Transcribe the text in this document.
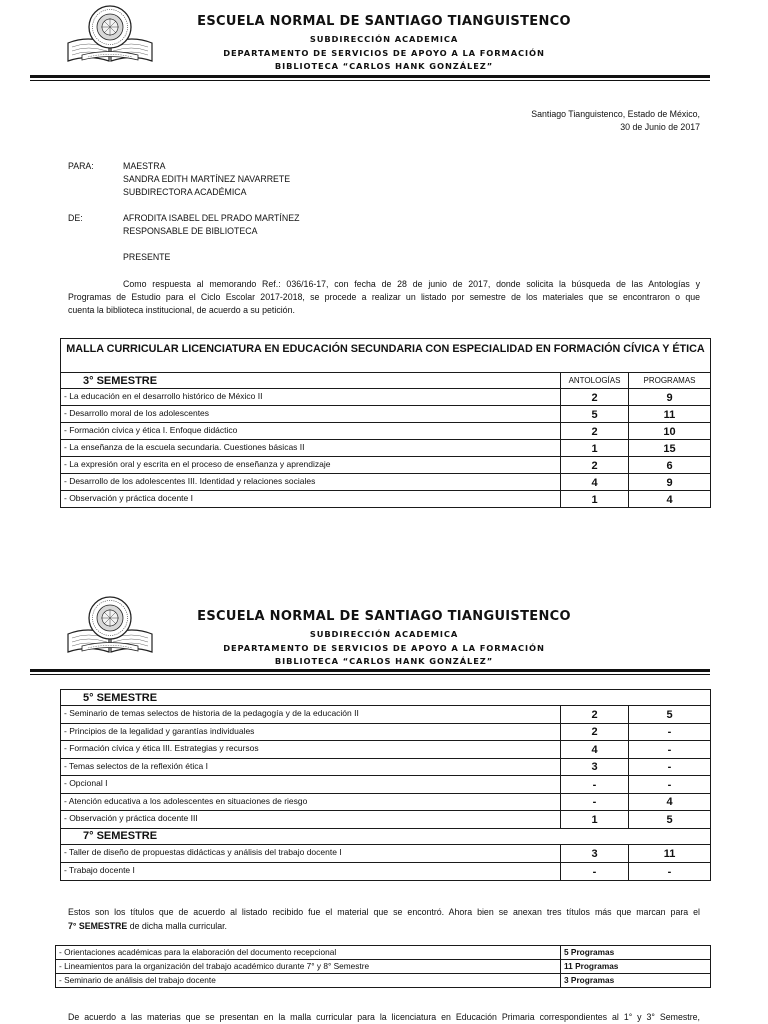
ESCUELA NORMAL DE SANTIAGO TIANGUISTENCO
SUBDIRECCIÓN ACADEMICA
DEPARTAMENTO DE SERVICIOS DE APOYO A LA FORMACIÓN
BIBLIOTECA “CARLOS HANK GONZÁLEZ”
Santiago Tianguistenco, Estado de México,
30 de Junio de 2017
PARA:	MAESTRA
SANDRA EDITH MARTÍNEZ NAVARRETE
SUBDIRECTORA ACADÉMICA
DE:	AFRODITA ISABEL DEL PRADO MARTÍNEZ
RESPONSABLE DE BIBLIOTECA
PRESENTE
Como respuesta al memorando Ref.: 036/16-17, con fecha de 28 de junio de 2017, donde solicita la búsqueda de las Antologías y
Programas de Estudio para el Ciclo Escolar 2017-2018, se procede a realizar un listado por semestre de los materiales que se encontraron o que
cuenta la biblioteca institucional, de acuerdo a su petición.
MALLA CURRICULAR LICENCIATURA EN EDUCACIÓN SECUNDARIA CON ESPECIALIDAD EN FORMACIÓN CÍVICA Y ÉTICA		
3° SEMESTRE	ANTOLOGÍAS	PROGRAMAS
- La educación en el desarrollo histórico de México II	2	9
- Desarrollo moral de los adolescentes	5	11
- Formación cívica y ética I. Enfoque didáctico	2	10
- La enseñanza de la escuela secundaria. Cuestiones básicas II	1	15
- La expresión oral y escrita en el proceso de enseñanza y aprendizaje	2	6
- Desarrollo de los adolescentes III. Identidad y relaciones sociales	4	9
- Observación y práctica docente I	1	4
ESCUELA NORMAL DE SANTIAGO TIANGUISTENCO
SUBDIRECCIÓN ACADEMICA
DEPARTAMENTO DE SERVICIOS DE APOYO A LA FORMACIÓN
BIBLIOTECA “CARLOS HANK GONZÁLEZ”
5° SEMESTRE		
- Seminario de temas selectos de historia de la pedagogía y de la educación II	2	5
- Principios de la legalidad y garantías individuales	2	-
- Formación cívica y ética III. Estrategias y recursos	4	-
- Temas selectos de la reflexión ética I	3	-
- Opcional I	-	-
- Atención educativa a los adolescentes en situaciones de riesgo	-	4
- Observación y práctica docente III	1	5
7° SEMESTRE		
- Taller de diseño de propuestas didácticas y análisis del trabajo docente I	3	11
- Trabajo docente I	-	-
Estos son los títulos que de acuerdo al listado recibido fue el material que se encontró. Ahora bien se anexan tres títulos más que marcan para el
7° SEMESTRE de dicha malla curricular.
- Orientaciones académicas para la elaboración del documento recepcional	5 Programas
- Lineamientos para la organización del trabajo académico durante 7° y 8° Semestre	11 Programas
- Seminario de análisis del trabajo docente	3 Programas
De acuerdo a las materias que se presentan en la malla curricular para la licenciatura en Educación Primaria correspondientes al 1° y 3° Semestre,
